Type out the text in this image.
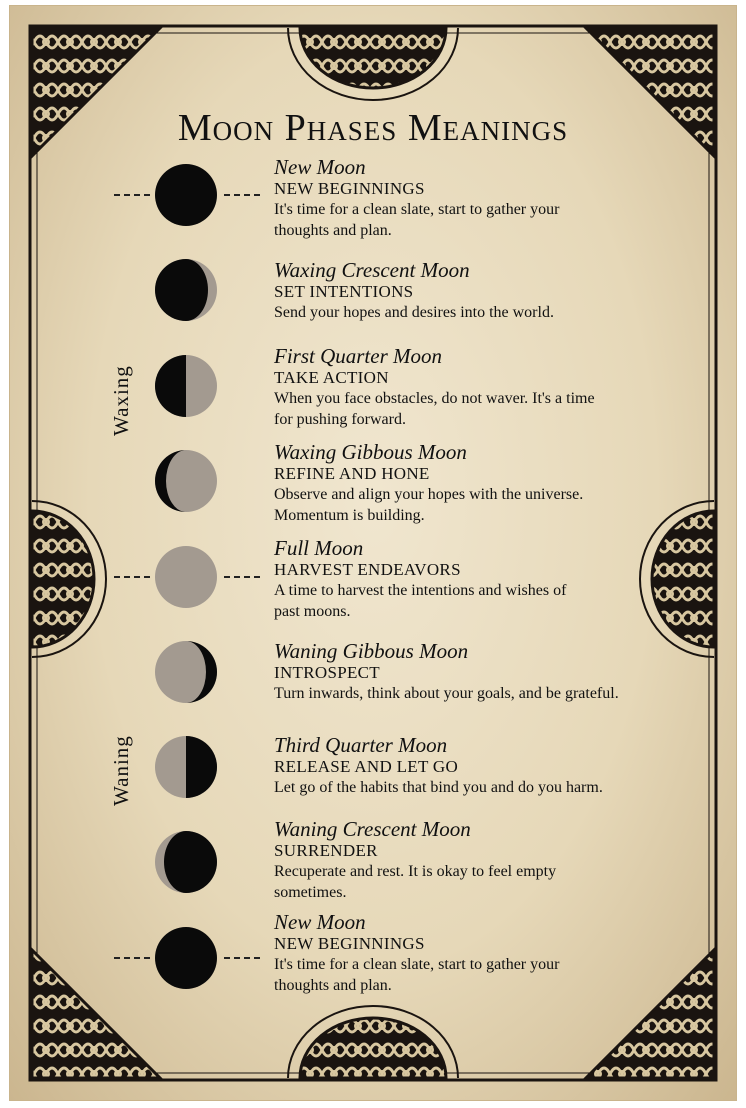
Moon Phases Meanings
Waxing
Waning
New Moon
NEW BEGINNINGS
It's time for a clean slate, start to gather your
thoughts and plan.
Waxing Crescent Moon
SET INTENTIONS
Send your hopes and desires into the world.
First Quarter Moon
TAKE ACTION
When you face obstacles, do not waver. It's a time
for pushing forward.
Waxing Gibbous Moon
REFINE AND HONE
Observe and align your hopes with the universe.
Momentum is building.
Full Moon
HARVEST ENDEAVORS
A time to harvest the intentions and wishes of
past moons.
Waning Gibbous Moon
INTROSPECT
Turn inwards, think about your goals, and be grateful.
Third Quarter Moon
RELEASE AND LET GO
Let go of the habits that bind you and do you harm.
Waning Crescent Moon
SURRENDER
Recuperate and rest. It is okay to feel empty
sometimes.
New Moon
NEW BEGINNINGS
It's time for a clean slate, start to gather your
thoughts and plan.
